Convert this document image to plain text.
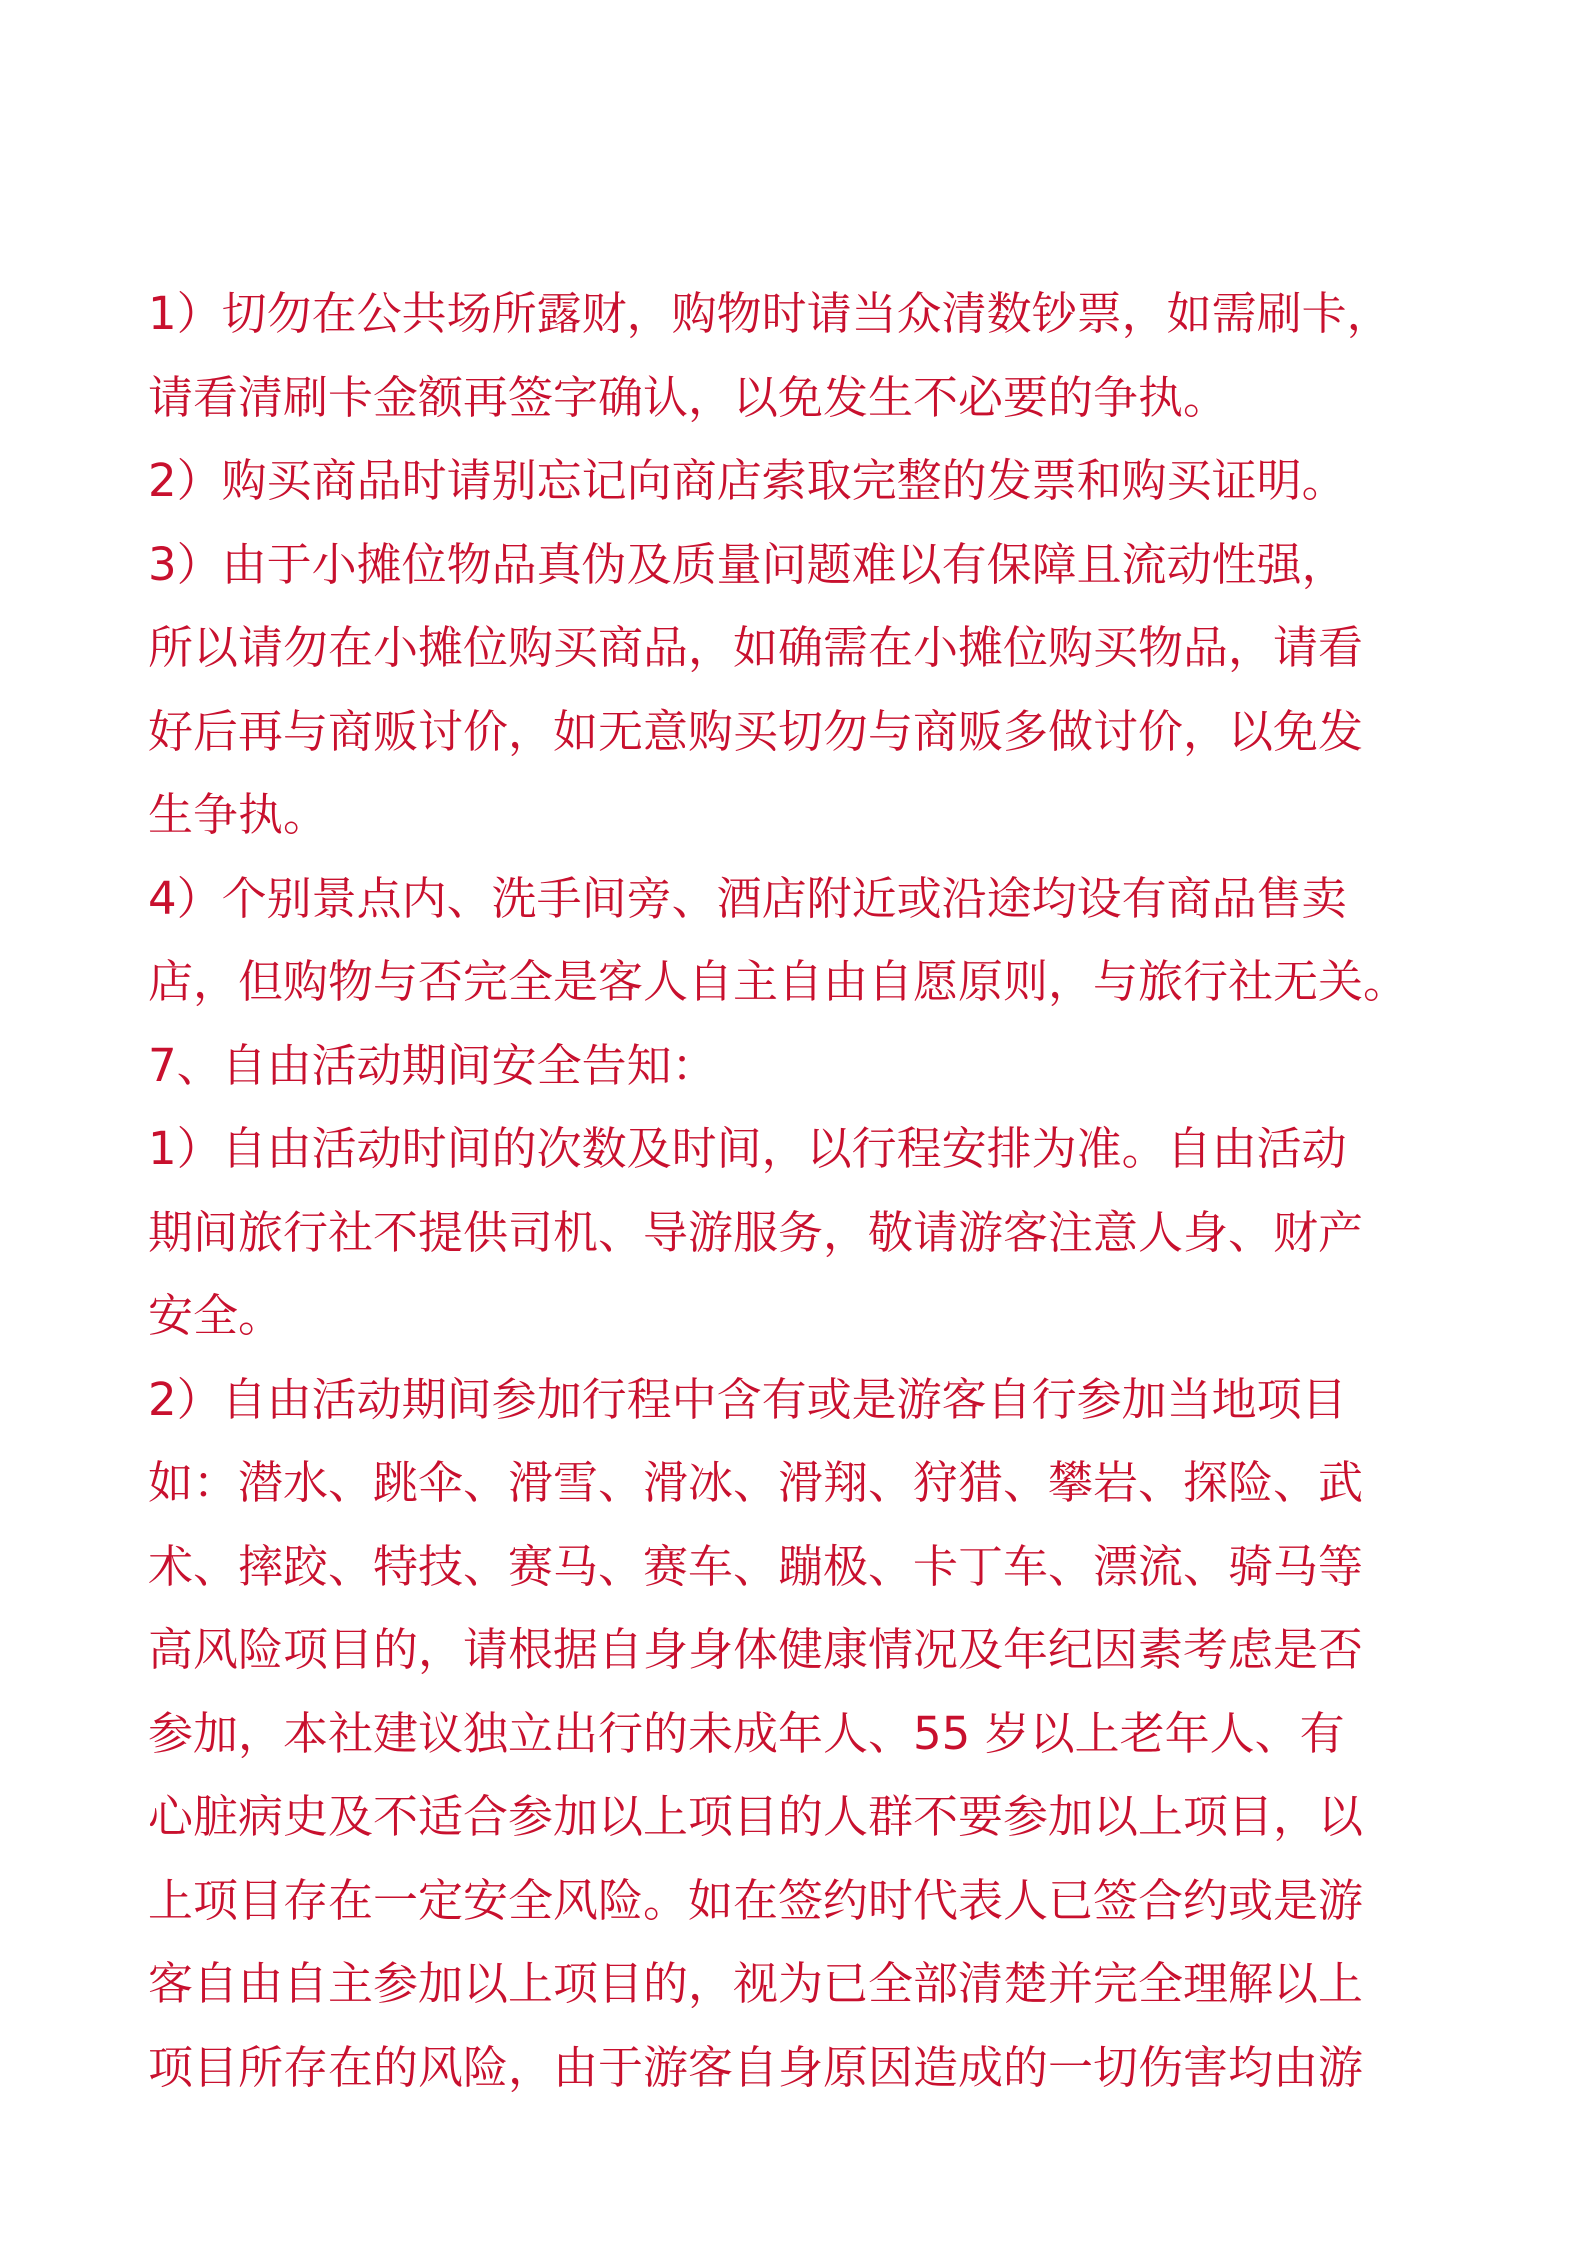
1）切勿在公共场所露财，购物时请当众清数钞票，如需刷卡，
请看清刷卡金额再签字确认，以免发生不必要的争执。
2）购买商品时请别忘记向商店索取完整的发票和购买证明。
3）由于小摊位物品真伪及质量问题难以有保障且流动性强，
所以请勿在小摊位购买商品，如确需在小摊位购买物品，请看
好后再与商贩讨价，如无意购买切勿与商贩多做讨价，以免发
生争执。
4）个别景点内、洗手间旁、酒店附近或沿途均设有商品售卖
店，但购物与否完全是客人自主自由自愿原则，与旅行社无关。
7、自由活动期间安全告知：
1）自由活动时间的次数及时间，以行程安排为准。自由活动
期间旅行社不提供司机、导游服务，敬请游客注意人身、财产
安全。
2）自由活动期间参加行程中含有或是游客自行参加当地项目
如：潜水、跳伞、滑雪、滑冰、滑翔、狩猎、攀岩、探险、武
术、摔跤、特技、赛马、赛车、蹦极、卡丁车、漂流、骑马等
高风险项目的，请根据自身身体健康情况及年纪因素考虑是否
参加，本社建议独立出行的未成年人、55 岁以上老年人、有
心脏病史及不适合参加以上项目的人群不要参加以上项目，以
上项目存在一定安全风险。如在签约时代表人已签合约或是游
客自由自主参加以上项目的，视为已全部清楚并完全理解以上
项目所存在的风险，由于游客自身原因造成的一切伤害均由游
